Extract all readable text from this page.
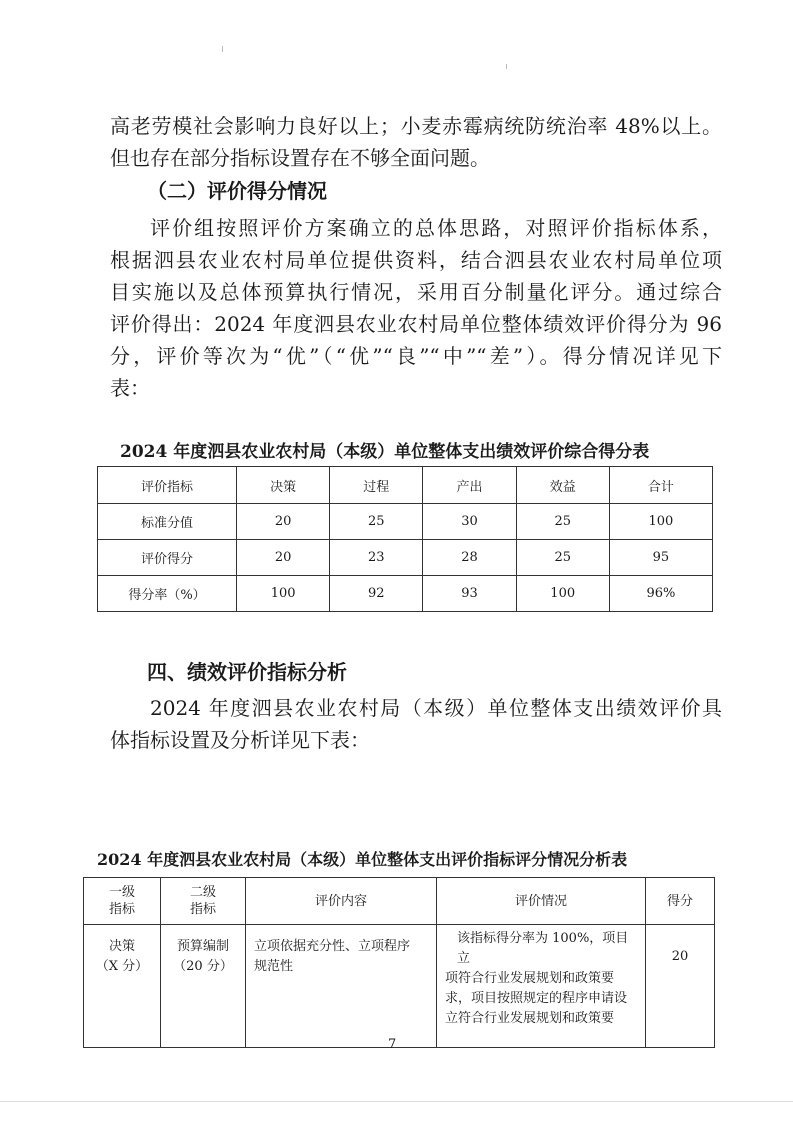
高老劳模社会影响力良好以上；小麦赤霉病统防统治率 48%以上。
但也存在部分指标设置存在不够全面问题。
（二）评价得分情况
评价组按照评价方案确立的总体思路，对照评价指标体系，
根据泗县农业农村局单位提供资料，结合泗县农业农村局单位项
目实施以及总体预算执行情况，采用百分制量化评分。通过综合
评价得出：2024 年度泗县农业农村局单位整体绩效评价得分为 96
分，评价等次为“优”（“优”“良”“中”“差”）。得分情况详见下
表：
2024 年度泗县农业农村局（本级）单位整体支出绩效评价综合得分表
评价指标	决策	过程	产出	效益	合计
标准分值	20	25	30	25	100
评价得分	20	23	28	25	95
得分率（%）	100	92	93	100	96%
四、绩效评价指标分析
2024 年度泗县农业农村局（本级）单位整体支出绩效评价具
体指标设置及分析详见下表：
2024 年度泗县农业农村局（本级）单位整体支出评价指标评分情况分析表
一级
指标	二级
指标	评价内容	评价情况	得分

决策
（X 分）	预算编制
（20 分）	立项依据充分性、立项程序
规范性	该指标得分率为 100%，项目立
项符合行业发展规划和政策要
求，项目按照规定的程序申请设
立符合行业发展规划和政策要	20
7
